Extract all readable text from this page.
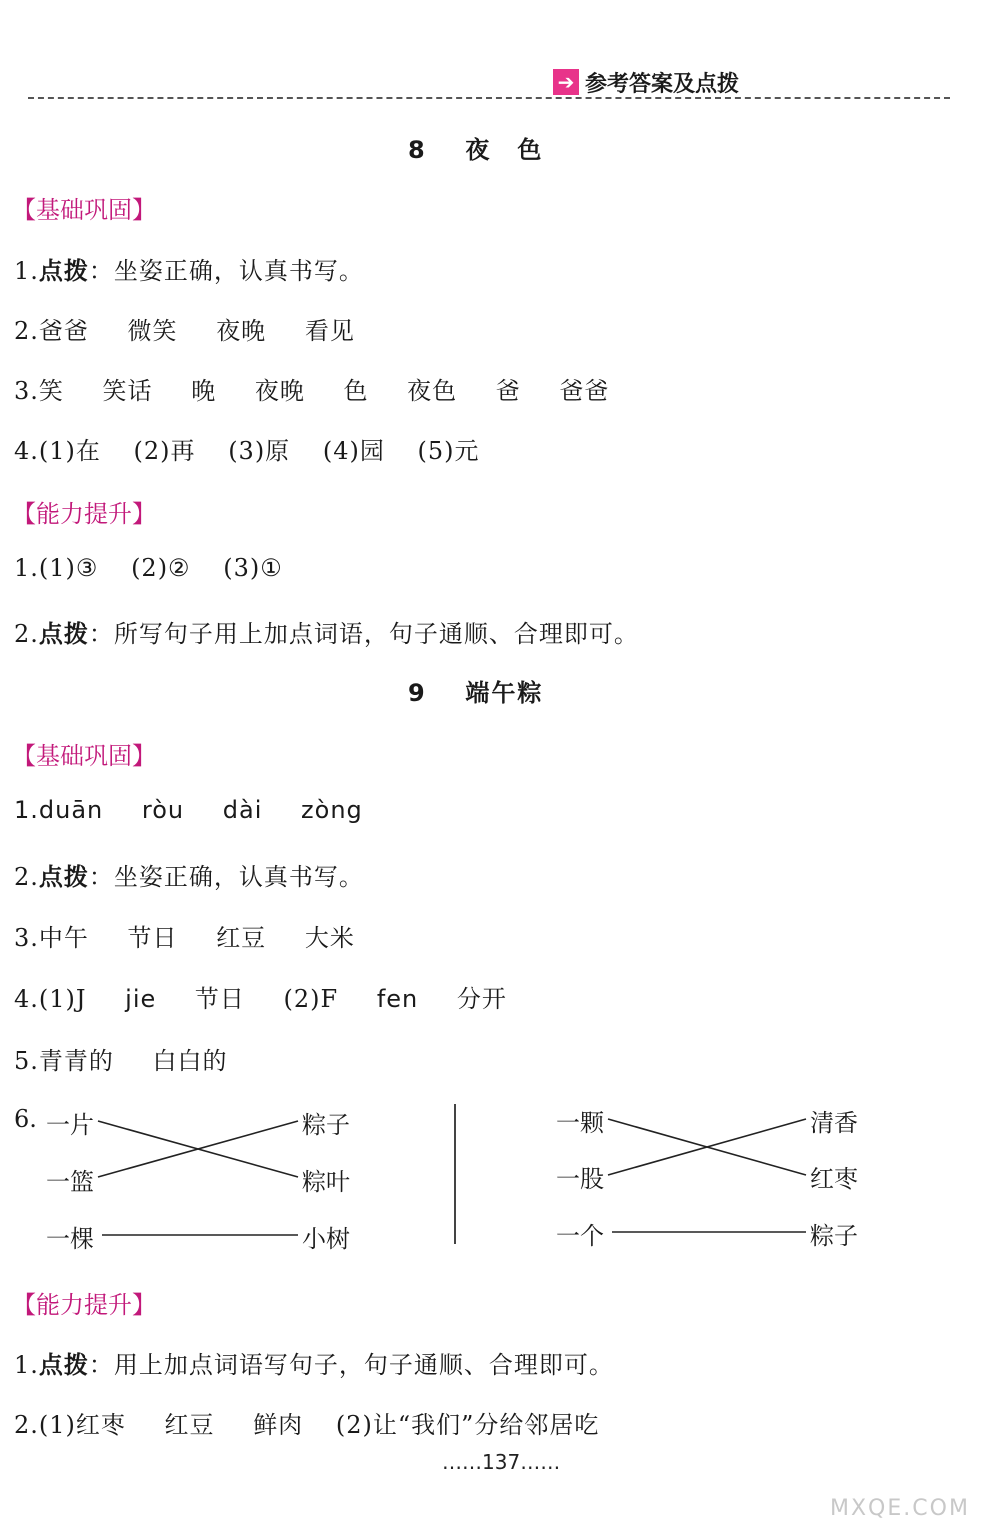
➔ 参考答案及点拨
8 夜　色
【基础巩固】
1.点拨：坐姿正确，认真书写。
2.爸爸 微笑 夜晚 看见
3.笑 笑话 晚 夜晚 色 夜色 爸 爸爸
4.(1)在 (2)再 (3)原 (4)园 (5)元
【能力提升】
1.(1)③ (2)② (3)①
2.点拨：所写句子用上加点词语，句子通顺、合理即可。
9 端午粽
【基础巩固】
1.duān ròu dài zòng
2.点拨：坐姿正确，认真书写。
3.中午 节日 红豆 大米
4.(1)J jie 节日 (2)F fen 分开
5.青青的 白白的
6. 一片
一篮
一棵
粽子
粽叶
小树
一颗
一股
一个
清香
红枣
粽子
【能力提升】
1.点拨：用上加点词语写句子，句子通顺、合理即可。
2.(1)红枣 红豆 鲜肉 (2)让“我们”分给邻居吃
……137……
MXQE.COM
